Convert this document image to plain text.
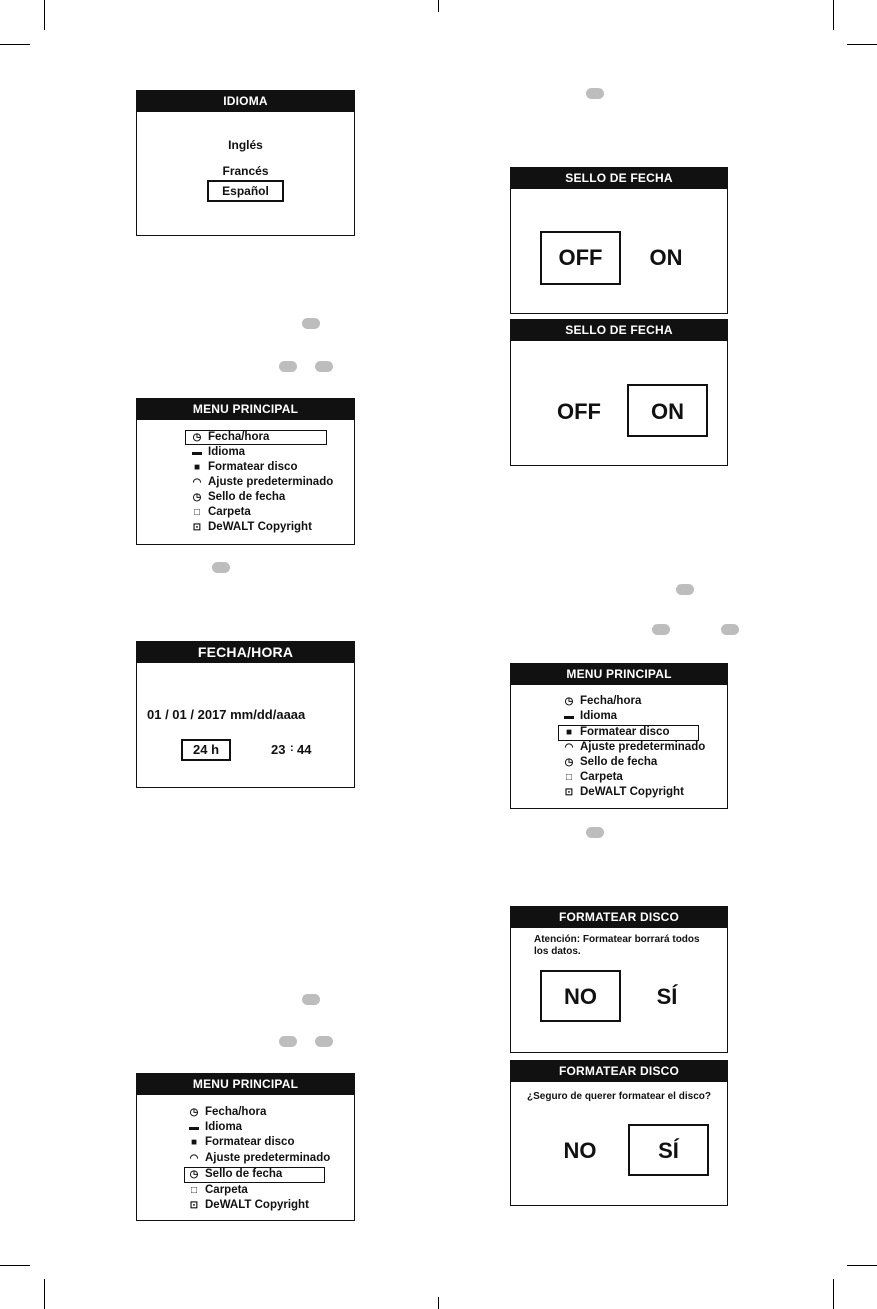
IDIOMA
Inglés
Francés
Español
MENU PRINCIPAL
◷ Fecha/hora
▬ Idioma
■ Formatear disco
◠ Ajuste predeterminado
◷ Sello de fecha
□ Carpeta
⊡ DeWALT Copyright
FECHA/HORA
01 / 01 / 2017 mm/dd/aaaa
24 h	23 : 44
MENU PRINCIPAL
◷ Fecha/hora
▬ Idioma
■ Formatear disco
◠ Ajuste predeterminado
◷ Sello de fecha
□ Carpeta
⊡ DeWALT Copyright
SELLO DE FECHA
OFF	ON
SELLO DE FECHA
OFF	ON
MENU PRINCIPAL
◷ Fecha/hora
▬ Idioma
■ Formatear disco
◠ Ajuste predeterminado
◷ Sello de fecha
□ Carpeta
⊡ DeWALT Copyright
FORMATEAR DISCO
Atención: Formatear borrará todos los datos.
NO	SÍ
FORMATEAR DISCO
¿Seguro de querer formatear el disco?
NO	SÍ
